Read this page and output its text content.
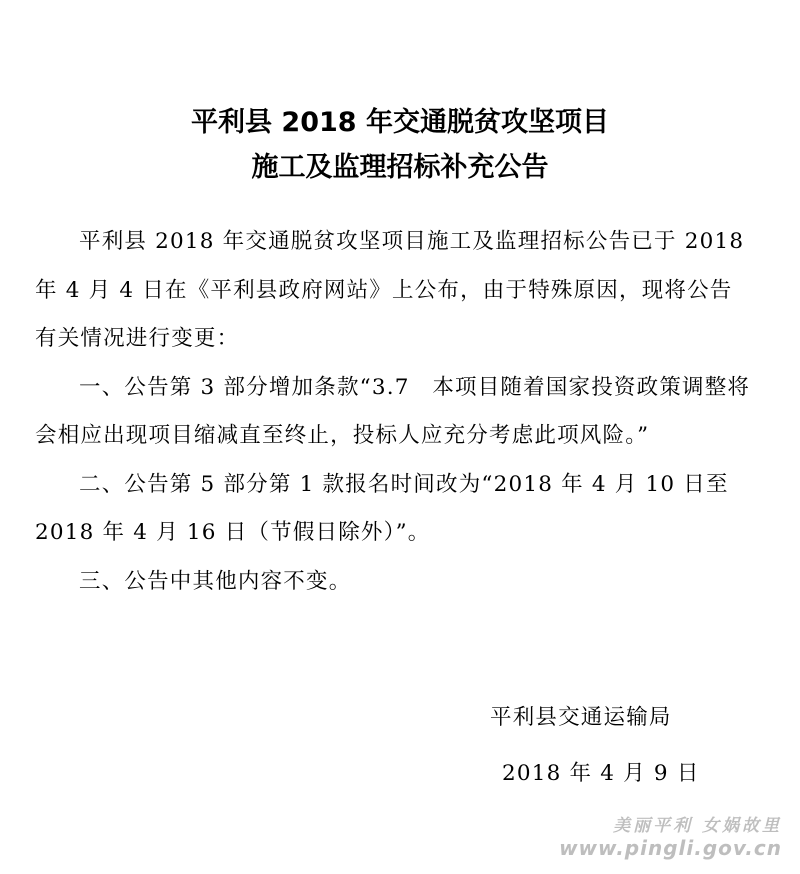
平利县 2018 年交通脱贫攻坚项目
施工及监理招标补充公告

平利县 2018 年交通脱贫攻坚项目施工及监理招标公告已于 2018 年 4 月 4 日在《平利县政府网站》上公布，由于特殊原因，现将公告有关情况进行变更：

一、公告第 3 部分增加条款“3.7　本项目随着国家投资政策调整将会相应出现项目缩减直至终止，投标人应充分考虑此项风险。”

二、公告第 5 部分第 1 款报名时间改为“2018 年 4 月 10 日至 2018 年 4 月 16 日（节假日除外）”。

三、公告中其他内容不变。

平利县交通运输局
2018 年 4 月 9 日
美丽平利 女娲故里
www.pingli.gov.cn
